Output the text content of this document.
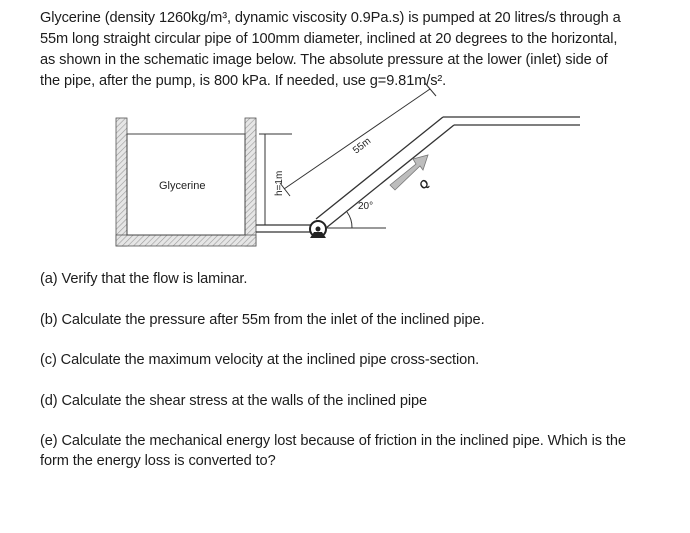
Glycerine (density 1260kg/m³, dynamic viscosity 0.9Pa.s) is pumped at 20 litres/s through a
55m long straight circular pipe of 100mm diameter, inclined at 20 degrees to the horizontal,
as shown in the schematic image below. The absolute pressure at the lower (inlet) side of
the pipe, after the pump, is 800 kPa. If needed, use g=9.81m/s².
Glycerine	h=1m
55m
20°
Q
(a) Verify that the flow is laminar.
(b) Calculate the pressure after 55m from the inlet of the inclined pipe.
(c) Calculate the maximum velocity at the inclined pipe cross-section.
(d) Calculate the shear stress at the walls of the inclined pipe
(e) Calculate the mechanical energy lost because of friction in the inclined pipe. Which is the
form the energy loss is converted to?
